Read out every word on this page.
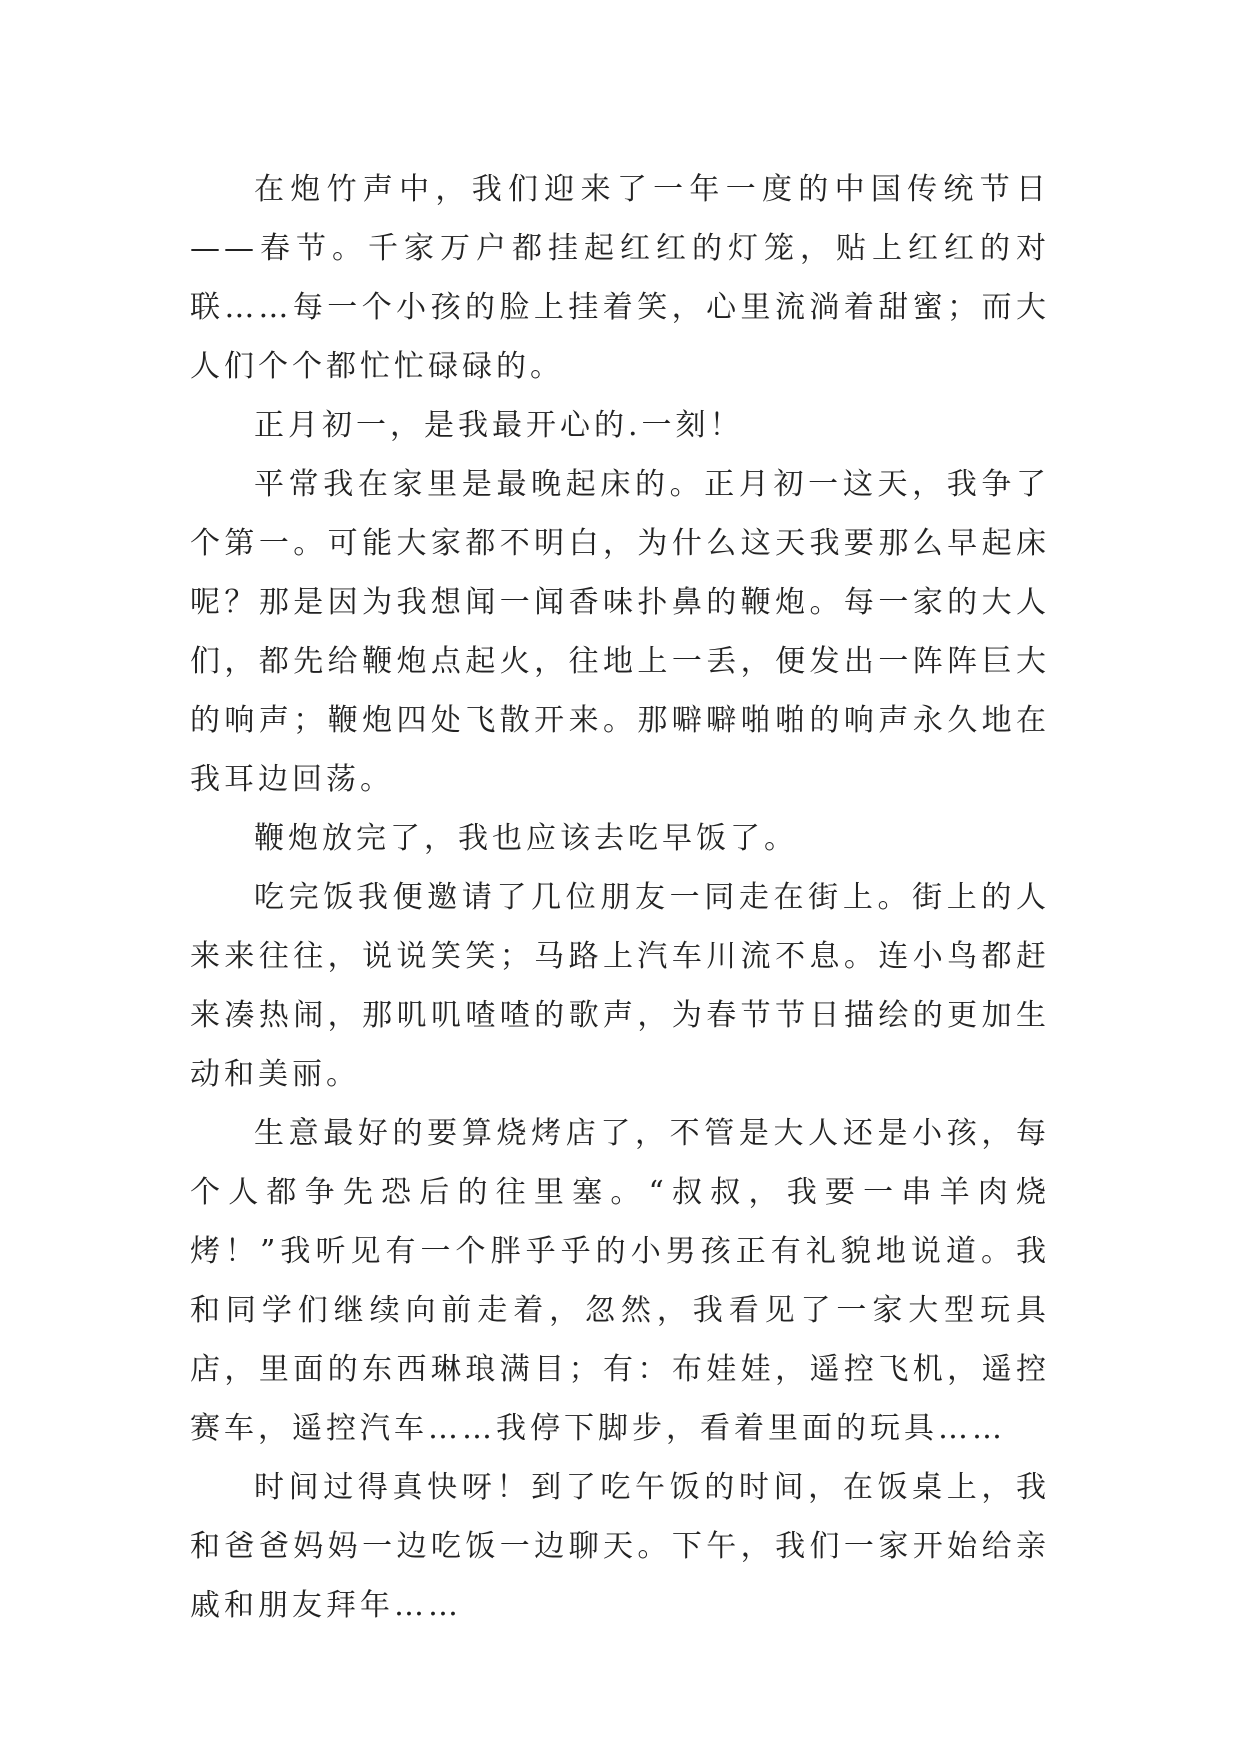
在炮竹声中，我们迎来了一年一度的中国传统节日——春节。千家万户都挂起红红的灯笼，贴上红红的对联……每一个小孩的脸上挂着笑，心里流淌着甜蜜；而大人们个个都忙忙碌碌的。

正月初一，是我最开心的.一刻！

平常我在家里是最晚起床的。正月初一这天，我争了个第一。可能大家都不明白，为什么这天我要那么早起床呢？那是因为我想闻一闻香味扑鼻的鞭炮。每一家的大人们，都先给鞭炮点起火，往地上一丢，便发出一阵阵巨大的响声；鞭炮四处飞散开来。那噼噼啪啪的响声永久地在我耳边回荡。

鞭炮放完了，我也应该去吃早饭了。

吃完饭我便邀请了几位朋友一同走在街上。街上的人来来往往，说说笑笑；马路上汽车川流不息。连小鸟都赶来凑热闹，那叽叽喳喳的歌声，为春节节日描绘的更加生动和美丽。

生意最好的要算烧烤店了，不管是大人还是小孩，每个人都争先恐后的往里塞。“叔叔，我要一串羊肉烧烤！”我听见有一个胖乎乎的小男孩正有礼貌地说道。我和同学们继续向前走着，忽然，我看见了一家大型玩具店，里面的东西琳琅满目；有：布娃娃，遥控飞机，遥控赛车，遥控汽车……我停下脚步，看着里面的玩具……

时间过得真快呀！到了吃午饭的时间，在饭桌上，我和爸爸妈妈一边吃饭一边聊天。下午，我们一家开始给亲戚和朋友拜年……
